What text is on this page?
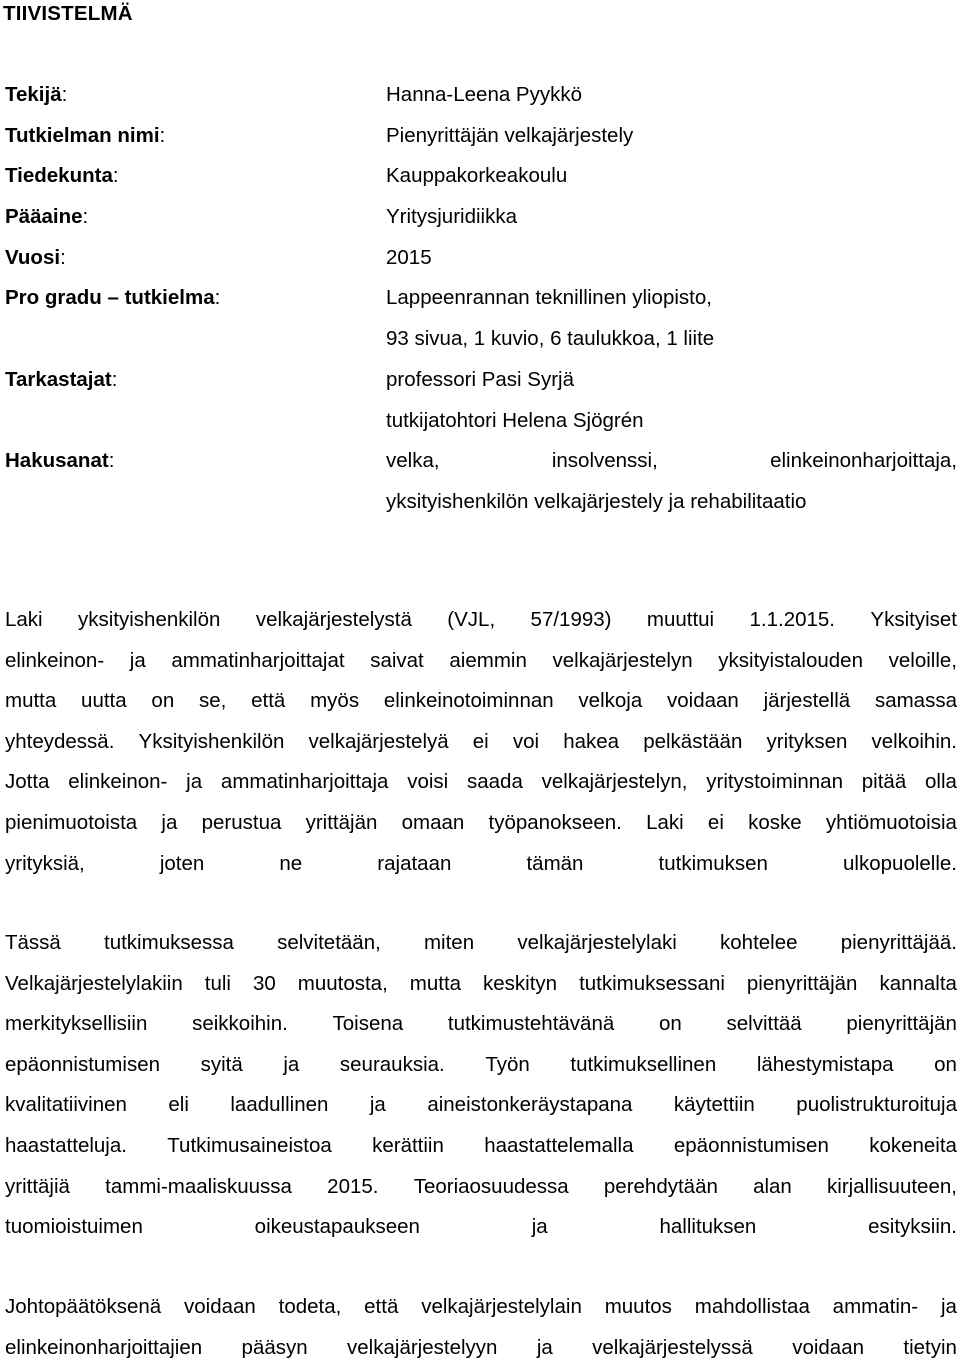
TIIVISTELMÄ
Tekijä:	Hanna-Leena Pyykkö
Tutkielman nimi:	Pienyrittäjän velkajärjestely
Tiedekunta:	Kauppakorkeakoulu
Pääaine:	Yritysjuridiikka
Vuosi:	2015
Pro gradu – tutkielma:	Lappeenrannan teknillinen yliopisto,
93 sivua, 1 kuvio, 6 taulukkoa, 1 liite
Tarkastajat:	professori Pasi Syrjä
tutkijatohtori Helena Sjögrén
Hakusanat:	velka,	insolvenssi,	elinkeinonharjoittaja,
yksityishenkilön velkajärjestely ja rehabilitaatio
Laki yksityishenkilön velkajärjestelystä (VJL, 57/1993) muuttui 1.1.2015. Yksityiset
elinkeinon- ja ammatinharjoittajat saivat aiemmin velkajärjestelyn yksityistalouden veloille,
mutta uutta on se, että myös elinkeinotoiminnan velkoja voidaan järjestellä samassa
yhteydessä. Yksityishenkilön velkajärjestelyä ei voi hakea pelkästään yrityksen velkoihin.
Jotta elinkeinon- ja ammatinharjoittaja voisi saada velkajärjestelyn, yritystoiminnan pitää olla
pienimuotoista ja perustua yrittäjän omaan työpanokseen. Laki ei koske yhtiömuotoisia
yrityksiä, joten ne rajataan tämän tutkimuksen ulkopuolelle.
Tässä tutkimuksessa selvitetään, miten velkajärjestelylaki kohtelee pienyrittäjää.
Velkajärjestelylakiin tuli 30 muutosta, mutta keskityn tutkimuksessani pienyrittäjän kannalta
merkityksellisiin seikkoihin. Toisena tutkimustehtävänä on selvittää pienyrittäjän
epäonnistumisen syitä ja seurauksia. Työn tutkimuksellinen lähestymistapa on
kvalitatiivinen eli laadullinen ja aineistonkeräystapana käytettiin puolistrukturoituja
haastatteluja. Tutkimusaineistoa kerättiin haastattelemalla epäonnistumisen kokeneita
yrittäjiä tammi-maaliskuussa 2015. Teoriaosuudessa perehdytään alan kirjallisuuteen,
tuomioistuimen oikeustapaukseen ja hallituksen esityksiin.
Johtopäätöksenä voidaan todeta, että velkajärjestelylain muutos mahdollistaa ammatin- ja
elinkeinonharjoittajien pääsyn velkajärjestelyyn ja velkajärjestelyssä voidaan tietyin
